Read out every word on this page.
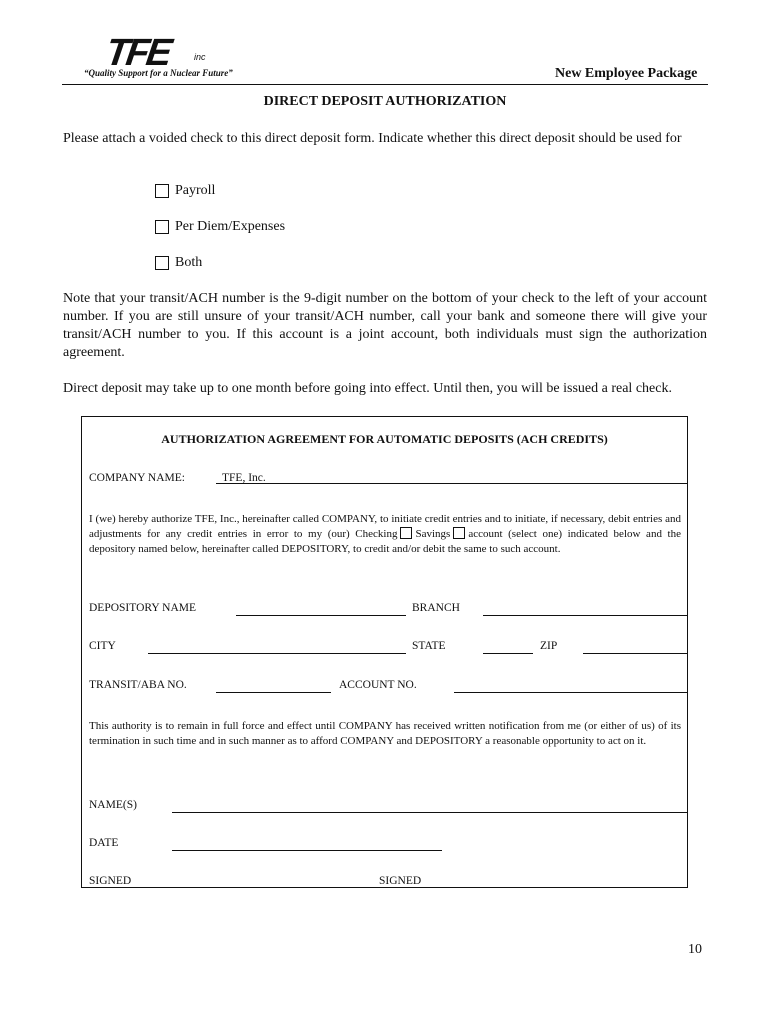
TFE inc
“Quality Support for a Nuclear Future”	New Employee Package
DIRECT DEPOSIT AUTHORIZATION
Please attach a voided check to this direct deposit form. Indicate whether this direct deposit should be used for
Payroll
Per Diem/Expenses
Both
Note that your transit/ACH number is the 9-digit number on the bottom of your check to the left of your account number. If you are still unsure of your transit/ACH number, call your bank and someone there will give your transit/ACH number to you. If this account is a joint account, both individuals must sign the authorization agreement.
Direct deposit may take up to one month before going into effect. Until then, you will be issued a real check.
AUTHORIZATION AGREEMENT FOR AUTOMATIC DEPOSITS (ACH CREDITS)
COMPANY NAME:	TFE, Inc.
I (we) hereby authorize TFE, Inc., hereinafter called COMPANY, to initiate credit entries and to initiate, if necessary, debit entries and adjustments for any credit entries in error to my (our) Checking Savings account (select one) indicated below and the depository named below, hereinafter called DEPOSITORY, to credit and/or debit the same to such account.
DEPOSITORY NAME	BRANCH
CITY	STATE	ZIP
TRANSIT/ABA NO.	ACCOUNT NO.
This authority is to remain in full force and effect until COMPANY has received written notification from me (or either of us) of its termination in such time and in such manner as to afford COMPANY and DEPOSITORY a reasonable opportunity to act on it.
NAME(S)
DATE
SIGNED	SIGNED
10
